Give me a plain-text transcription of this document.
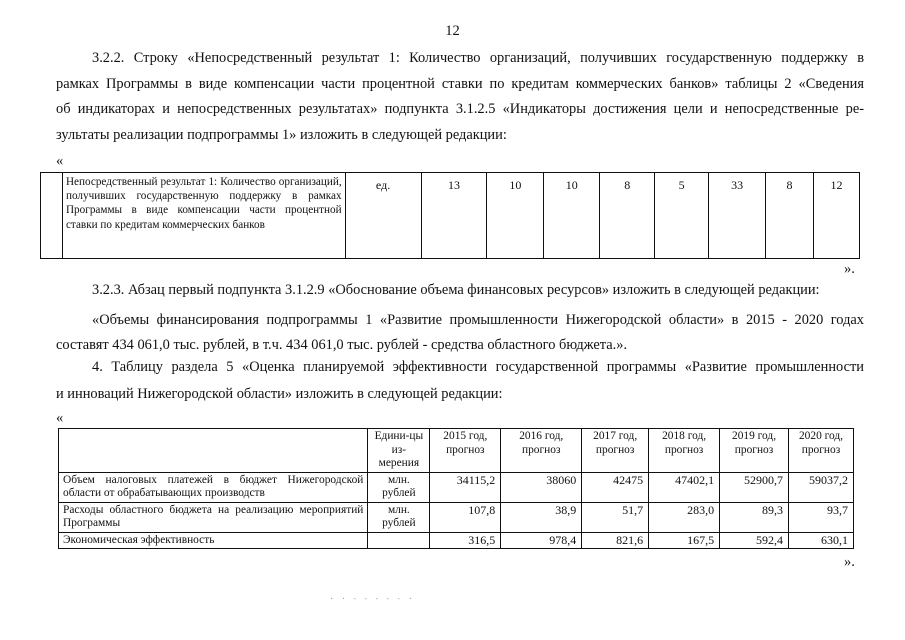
12
3.2.2. Строку «Непосредственный результат 1: Количество организаций, получивших государственную поддержку в
рамках Программы в виде компенсации части процентной ставки по кредитам коммерческих банков» таблицы 2 «Сведения
об индикаторах и непосредственных результатах» подпункта 3.1.2.5 «Индикаторы достижения цели и непосредственные ре-
зультаты реализации подпрограммы 1» изложить в следующей редакции:
«
	Непосредственный результат 1: Количество организаций, получивших государственную поддержку в рамках Программы в виде компенсации части процентной ставки по кредитам коммерческих банков	ед.	13	10	10	8	5	33	8	12
».
3.2.3. Абзац первый подпункта 3.1.2.9 «Обоснование объема финансовых ресурсов» изложить в следующей редакции:
«Объемы финансирования подпрограммы 1 «Развитие промышленности Нижегородской области» в 2015 - 2020 годах
составят 434 061,0 тыс. рублей, в т.ч. 434 061,0 тыс. рублей - средства областного бюджета.».
4. Таблицу раздела 5 «Оценка планируемой эффективности государственной программы «Развитие промышленности
и инноваций Нижегородской области» изложить в следующей редакции:
«
	Едини-цы из-мерения	2015 год, прогноз	2016 год, прогноз	2017 год, прогноз	2018 год, прогноз	2019 год, прогноз	2020 год, прогноз
Объем налоговых платежей в бюджет Нижегородской области от обрабатывающих производств	млн. рублей	34115,2	38060	42475	47402,1	52900,7	59037,2
Расходы областного бюджета на реализацию мероприятий Программы	млн. рублей	107,8	38,9	51,7	283,0	89,3	93,7
Экономическая эффективность		316,5	978,4	821,6	167,5	592,4	630,1
».
· · ∙ ∙ ∙ ∙ ∙ ·
